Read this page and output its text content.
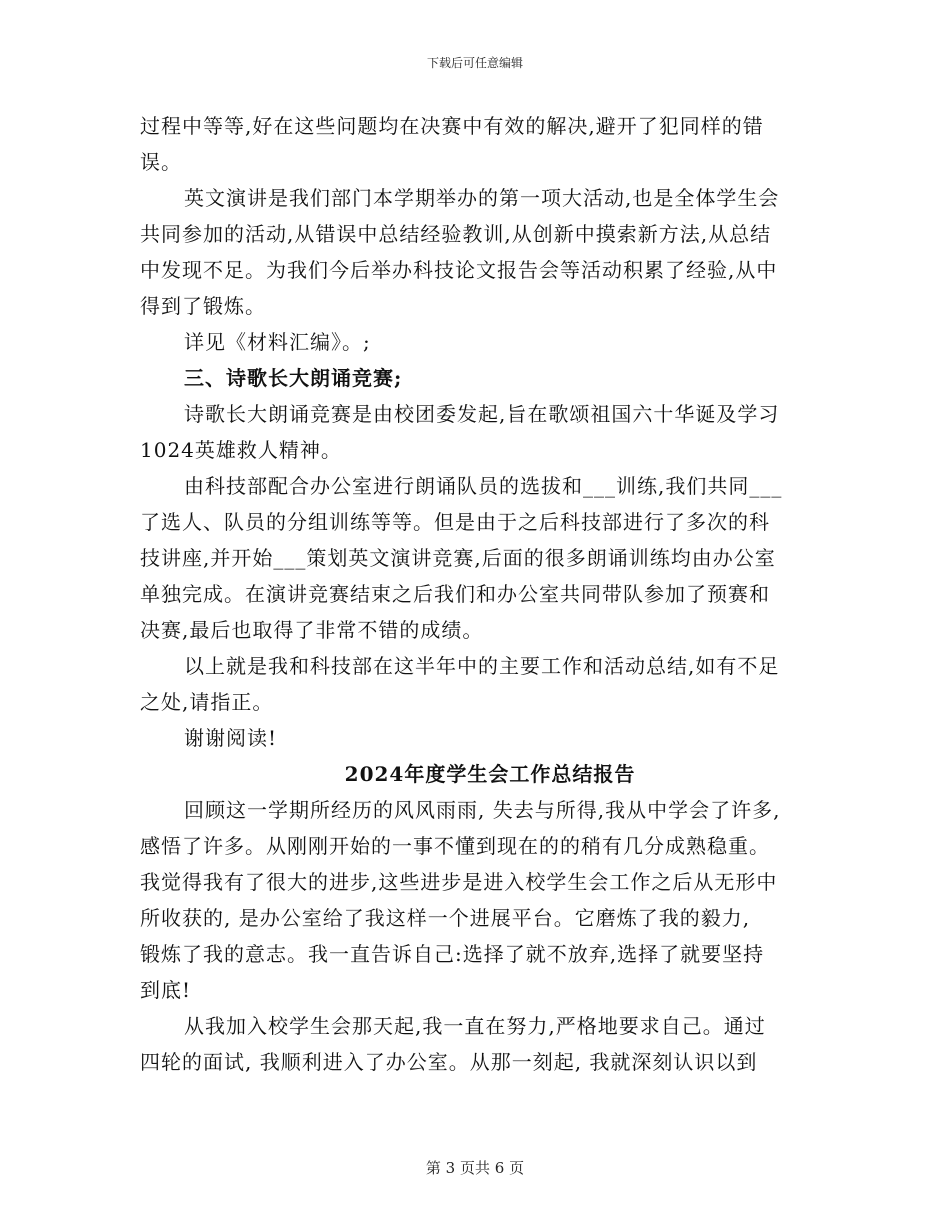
下载后可任意编辑
过程中等等,好在这些问题均在决赛中有效的解决,避开了犯同样的错
误。
英文演讲是我们部门本学期举办的第一项大活动,也是全体学生会
共同参加的活动,从错误中总结经验教训,从创新中摸索新方法,从总结
中发现不足。为我们今后举办科技论文报告会等活动积累了经验,从中
得到了锻炼。
详见《材料汇编》。;
三、诗歌长大朗诵竞赛;
诗歌长大朗诵竞赛是由校团委发起,旨在歌颂祖国六十华诞及学习
1024英雄救人精神。
由科技部配合办公室进行朗诵队员的选拔和___训练,我们共同___
了选人、队员的分组训练等等。但是由于之后科技部进行了多次的科
技讲座,并开始___策划英文演讲竞赛,后面的很多朗诵训练均由办公室
单独完成。在演讲竞赛结束之后我们和办公室共同带队参加了预赛和
决赛,最后也取得了非常不错的成绩。
以上就是我和科技部在这半年中的主要工作和活动总结,如有不足
之处,请指正。
谢谢阅读!
2024年度学生会工作总结报告
回顾这一学期所经历的风风雨雨, 失去与所得,我从中学会了许多,
感悟了许多。从刚刚开始的一事不懂到现在的的稍有几分成熟稳重。
我觉得我有了很大的进步,这些进步是进入校学生会工作之后从无形中
所收获的, 是办公室给了我这样一个进展平台。它磨炼了我的毅力,
锻炼了我的意志。我一直告诉自己:选择了就不放弃,选择了就要坚持
到底!
从我加入校学生会那天起,我一直在努力,严格地要求自己。通过
四轮的面试, 我顺利进入了办公室。从那一刻起, 我就深刻认识以到
第 3 页共 6 页
